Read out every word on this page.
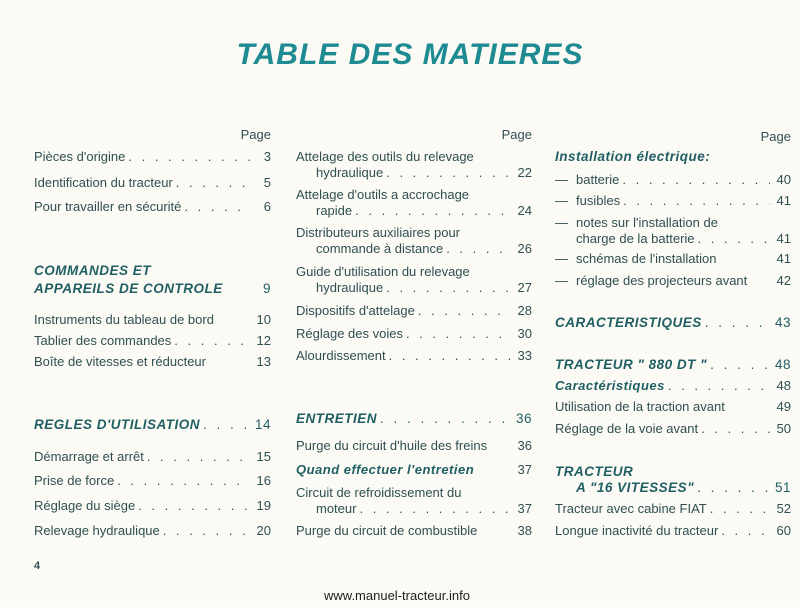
TABLE DES MATIERES
Page
Pièces d'origine . . .	3
Identification du tracteur . . .	5
Pour travailler en sécurité . . .	6
COMMANDES ET
APPAREILS DE CONTROLE	9
Instruments du tableau de bord	10
Tablier des commandes . . .	12
Boîte de vitesses et réducteur	13
REGLES D'UTILISATION . . .	14
Démarrage et arrêt . . .	15
Prise de force . . .	16
Réglage du siège . . .	19
Relevage hydraulique . . .	20
Page
Attelage des outils du relevage
hydraulique . . .	22
Attelage d'outils a accrochage
rapide . . .	24
Distributeurs auxiliaires pour
commande à distance . . .	26
Guide d'utilisation du relevage
hydraulique . . .	27
Dispositifs d'attelage . . .	28
Réglage des voies . . .	30
Alourdissement . . .	33
ENTRETIEN . . .	36
Purge du circuit d'huile des freins	36
Quand effectuer l'entretien	37
Circuit de refroidissement du
moteur . . .	37
Purge du circuit de combustible	38
Page
Installation électrique:
— batterie . . .	40
— fusibles . . .	41
— notes sur l'installation de
charge de la batterie . . .	41
— schémas de l'installation	41
— réglage des projecteurs avant	42
CARACTERISTIQUES . . .	43
TRACTEUR " 880 DT " . . .	48
Caractéristiques . . .	48
Utilisation de la traction avant	49
Réglage de la voie avant . . .	50
TRACTEUR
A "16 VITESSES" . . .	51
Tracteur avec cabine FIAT . . .	52
Longue inactivité du tracteur . . .	60
4
www.manuel-tracteur.info
